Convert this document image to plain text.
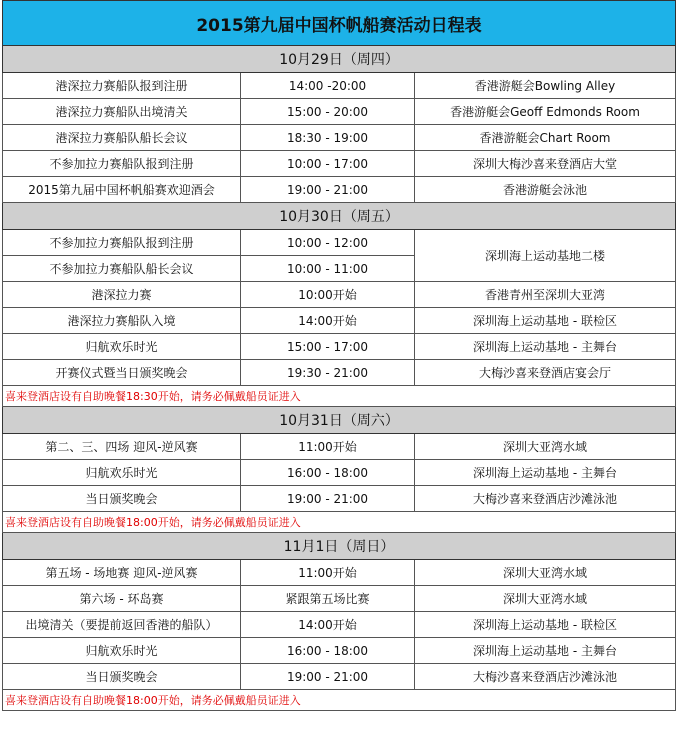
2015第九届中国杯帆船赛活动日程表		
10月29日（周四）		
港深拉力赛船队报到注册	14:00 -20:00	香港游艇会Bowling Alley
港深拉力赛船队出境清关	15:00 - 20:00	香港游艇会Geoff Edmonds Room
港深拉力赛船队船长会议	18:30 - 19:00	香港游艇会Chart Room
不参加拉力赛船队报到注册	10:00 - 17:00	深圳大梅沙喜来登酒店大堂
2015第九届中国杯帆船赛欢迎酒会	19:00 - 21:00	香港游艇会泳池
10月30日（周五）		
不参加拉力赛船队报到注册	10:00 - 12:00	深圳海上运动基地二楼
不参加拉力赛船队船长会议	10:00 - 11:00	
港深拉力赛	10:00开始	香港青州至深圳大亚湾
港深拉力赛船队入境	14:00开始	深圳海上运动基地 - 联检区
归航欢乐时光	15:00 - 17:00	深圳海上运动基地 - 主舞台
开赛仪式暨当日颁奖晚会	19:30 - 21:00	大梅沙喜来登酒店宴会厅
喜来登酒店设有自助晚餐18:30开始，请务必佩戴船员证进入		
10月31日（周六）		
第二、三、四场 迎风-逆风赛	11:00开始	深圳大亚湾水域
归航欢乐时光	16:00 - 18:00	深圳海上运动基地 - 主舞台
当日颁奖晚会	19:00 - 21:00	大梅沙喜来登酒店沙滩泳池
喜来登酒店设有自助晚餐18:00开始，请务必佩戴船员证进入		
11月1日（周日）		
第五场 - 场地赛 迎风-逆风赛	11:00开始	深圳大亚湾水域
第六场 - 环岛赛	紧跟第五场比赛	深圳大亚湾水域
出境清关（要提前返回香港的船队）	14:00开始	深圳海上运动基地 - 联检区
归航欢乐时光	16:00 - 18:00	深圳海上运动基地 - 主舞台
当日颁奖晚会	19:00 - 21:00	大梅沙喜来登酒店沙滩泳池
喜来登酒店设有自助晚餐18:00开始，请务必佩戴船员证进入		
